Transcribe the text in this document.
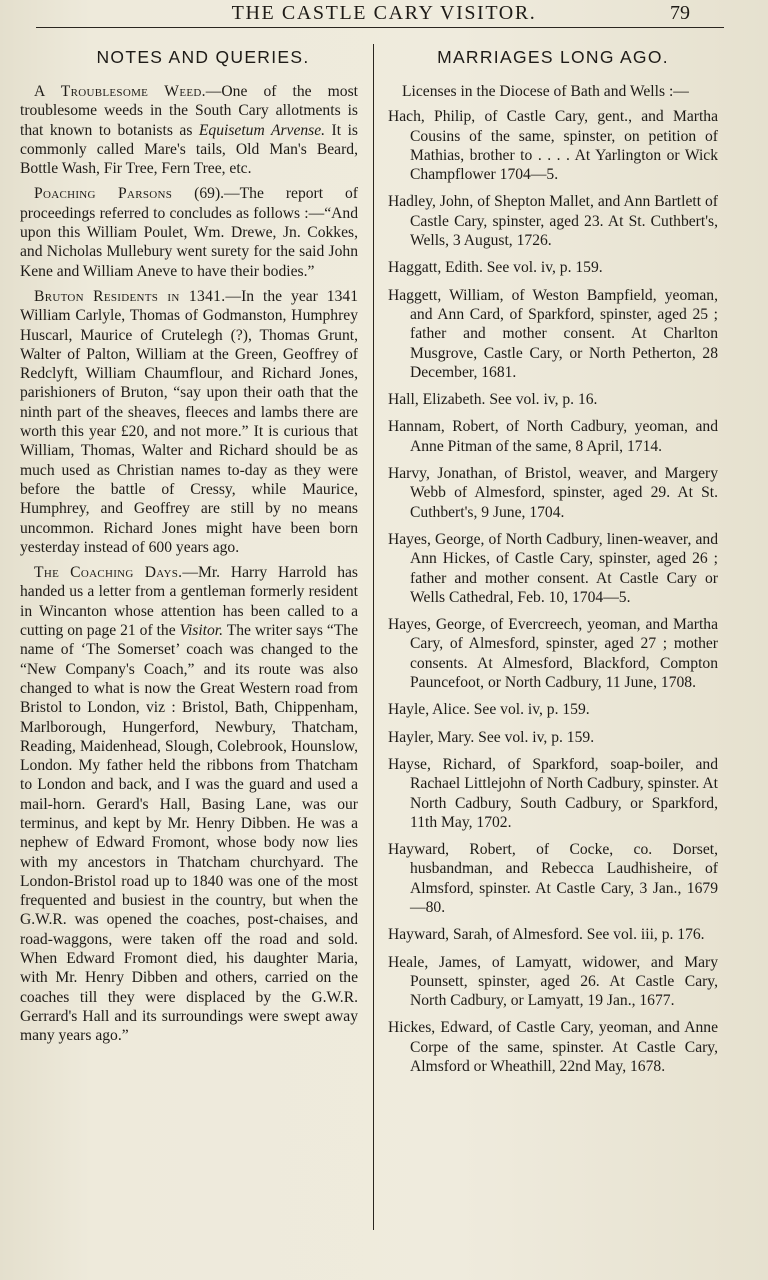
THE CASTLE CARY VISITOR.	79
NOTES AND QUERIES.

A Troublesome Weed.—One of the most troublesome weeds in the South Cary allotments is that known to botanists as Equisetum Arvense. It is commonly called Mare's tails, Old Man's Beard, Bottle Wash, Fir Tree, Fern Tree, etc.

Poaching Parsons (69).—The report of proceedings referred to concludes as follows :—“And upon this William Poulet, Wm. Drewe, Jn. Cokkes, and Nicholas Mullebury went surety for the said John Kene and William Aneve to have their bodies.”

Bruton Residents in 1341.—In the year 1341 William Carlyle, Thomas of Godmanston, Humphrey Huscarl, Maurice of Crutelegh (?), Thomas Grunt, Walter of Palton, William at the Green, Geoffrey of Redclyft, William Chaumflour, and Richard Jones, parishioners of Bruton, “say upon their oath that the ninth part of the sheaves, fleeces and lambs there are worth this year £20, and not more.” It is curious that William, Thomas, Walter and Richard should be as much used as Christian names to-day as they were before the battle of Cressy, while Maurice, Humphrey, and Geoffrey are still by no means uncommon. Richard Jones might have been born yesterday instead of 600 years ago.

The Coaching Days.—Mr. Harry Harrold has handed us a letter from a gentleman formerly resident in Wincanton whose attention has been called to a cutting on page 21 of the Visitor. The writer says “The name of ‘The Somerset’ coach was changed to the “New Company's Coach,” and its route was also changed to what is now the Great Western road from Bristol to London, viz : Bristol, Bath, Chippenham, Marlborough, Hungerford, Newbury, Thatcham, Reading, Maidenhead, Slough, Colebrook, Hounslow, London. My father held the ribbons from Thatcham to London and back, and I was the guard and used a mail-horn. Gerard's Hall, Basing Lane, was our terminus, and kept by Mr. Henry Dibben. He was a nephew of Edward Fromont, whose body now lies with my ancestors in Thatcham churchyard. The London-Bristol road up to 1840 was one of the most frequented and busiest in the country, but when the G.W.R. was opened the coaches, post-chaises, and road-waggons, were taken off the road and sold. When Edward Fromont died, his daughter Maria, with Mr. Henry Dibben and others, carried on the coaches till they were displaced by the G.W.R. Gerrard's Hall and its surroundings were swept away many years ago.”

MARRIAGES LONG AGO.

Licenses in the Diocese of Bath and Wells :—

Hach, Philip, of Castle Cary, gent., and Martha Cousins of the same, spinster, on petition of Mathias, brother to . . . . At Yarlington or Wick Champflower 1704—5.

Hadley, John, of Shepton Mallet, and Ann Bartlett of Castle Cary, spinster, aged 23. At St. Cuthbert's, Wells, 3 August, 1726.

Haggatt, Edith. See vol. iv, p. 159.

Haggett, William, of Weston Bampfield, yeoman, and Ann Card, of Sparkford, spinster, aged 25 ; father and mother consent. At Charlton Musgrove, Castle Cary, or North Petherton, 28 December, 1681.

Hall, Elizabeth. See vol. iv, p. 16.

Hannam, Robert, of North Cadbury, yeoman, and Anne Pitman of the same, 8 April, 1714.

Harvy, Jonathan, of Bristol, weaver, and Margery Webb of Almesford, spinster, aged 29. At St. Cuthbert's, 9 June, 1704.

Hayes, George, of North Cadbury, linen-weaver, and Ann Hickes, of Castle Cary, spinster, aged 26 ; father and mother consent. At Castle Cary or Wells Cathedral, Feb. 10, 1704—5.

Hayes, George, of Evercreech, yeoman, and Martha Cary, of Almesford, spinster, aged 27 ; mother consents. At Almesford, Blackford, Compton Pauncefoot, or North Cadbury, 11 June, 1708.

Hayle, Alice. See vol. iv, p. 159.

Hayler, Mary. See vol. iv, p. 159.

Hayse, Richard, of Sparkford, soap-boiler, and Rachael Littlejohn of North Cadbury, spinster. At North Cadbury, South Cadbury, or Sparkford, 11th May, 1702.

Hayward, Robert, of Cocke, co. Dorset, husbandman, and Rebecca Laudhisheire, of Almsford, spinster. At Castle Cary, 3 Jan., 1679—80.

Hayward, Sarah, of Almesford. See vol. iii, p. 176.

Heale, James, of Lamyatt, widower, and Mary Pounsett, spinster, aged 26. At Castle Cary, North Cadbury, or Lamyatt, 19 Jan., 1677.

Hickes, Edward, of Castle Cary, yeoman, and Anne Corpe of the same, spinster. At Castle Cary, Almsford or Wheathill, 22nd May, 1678.
